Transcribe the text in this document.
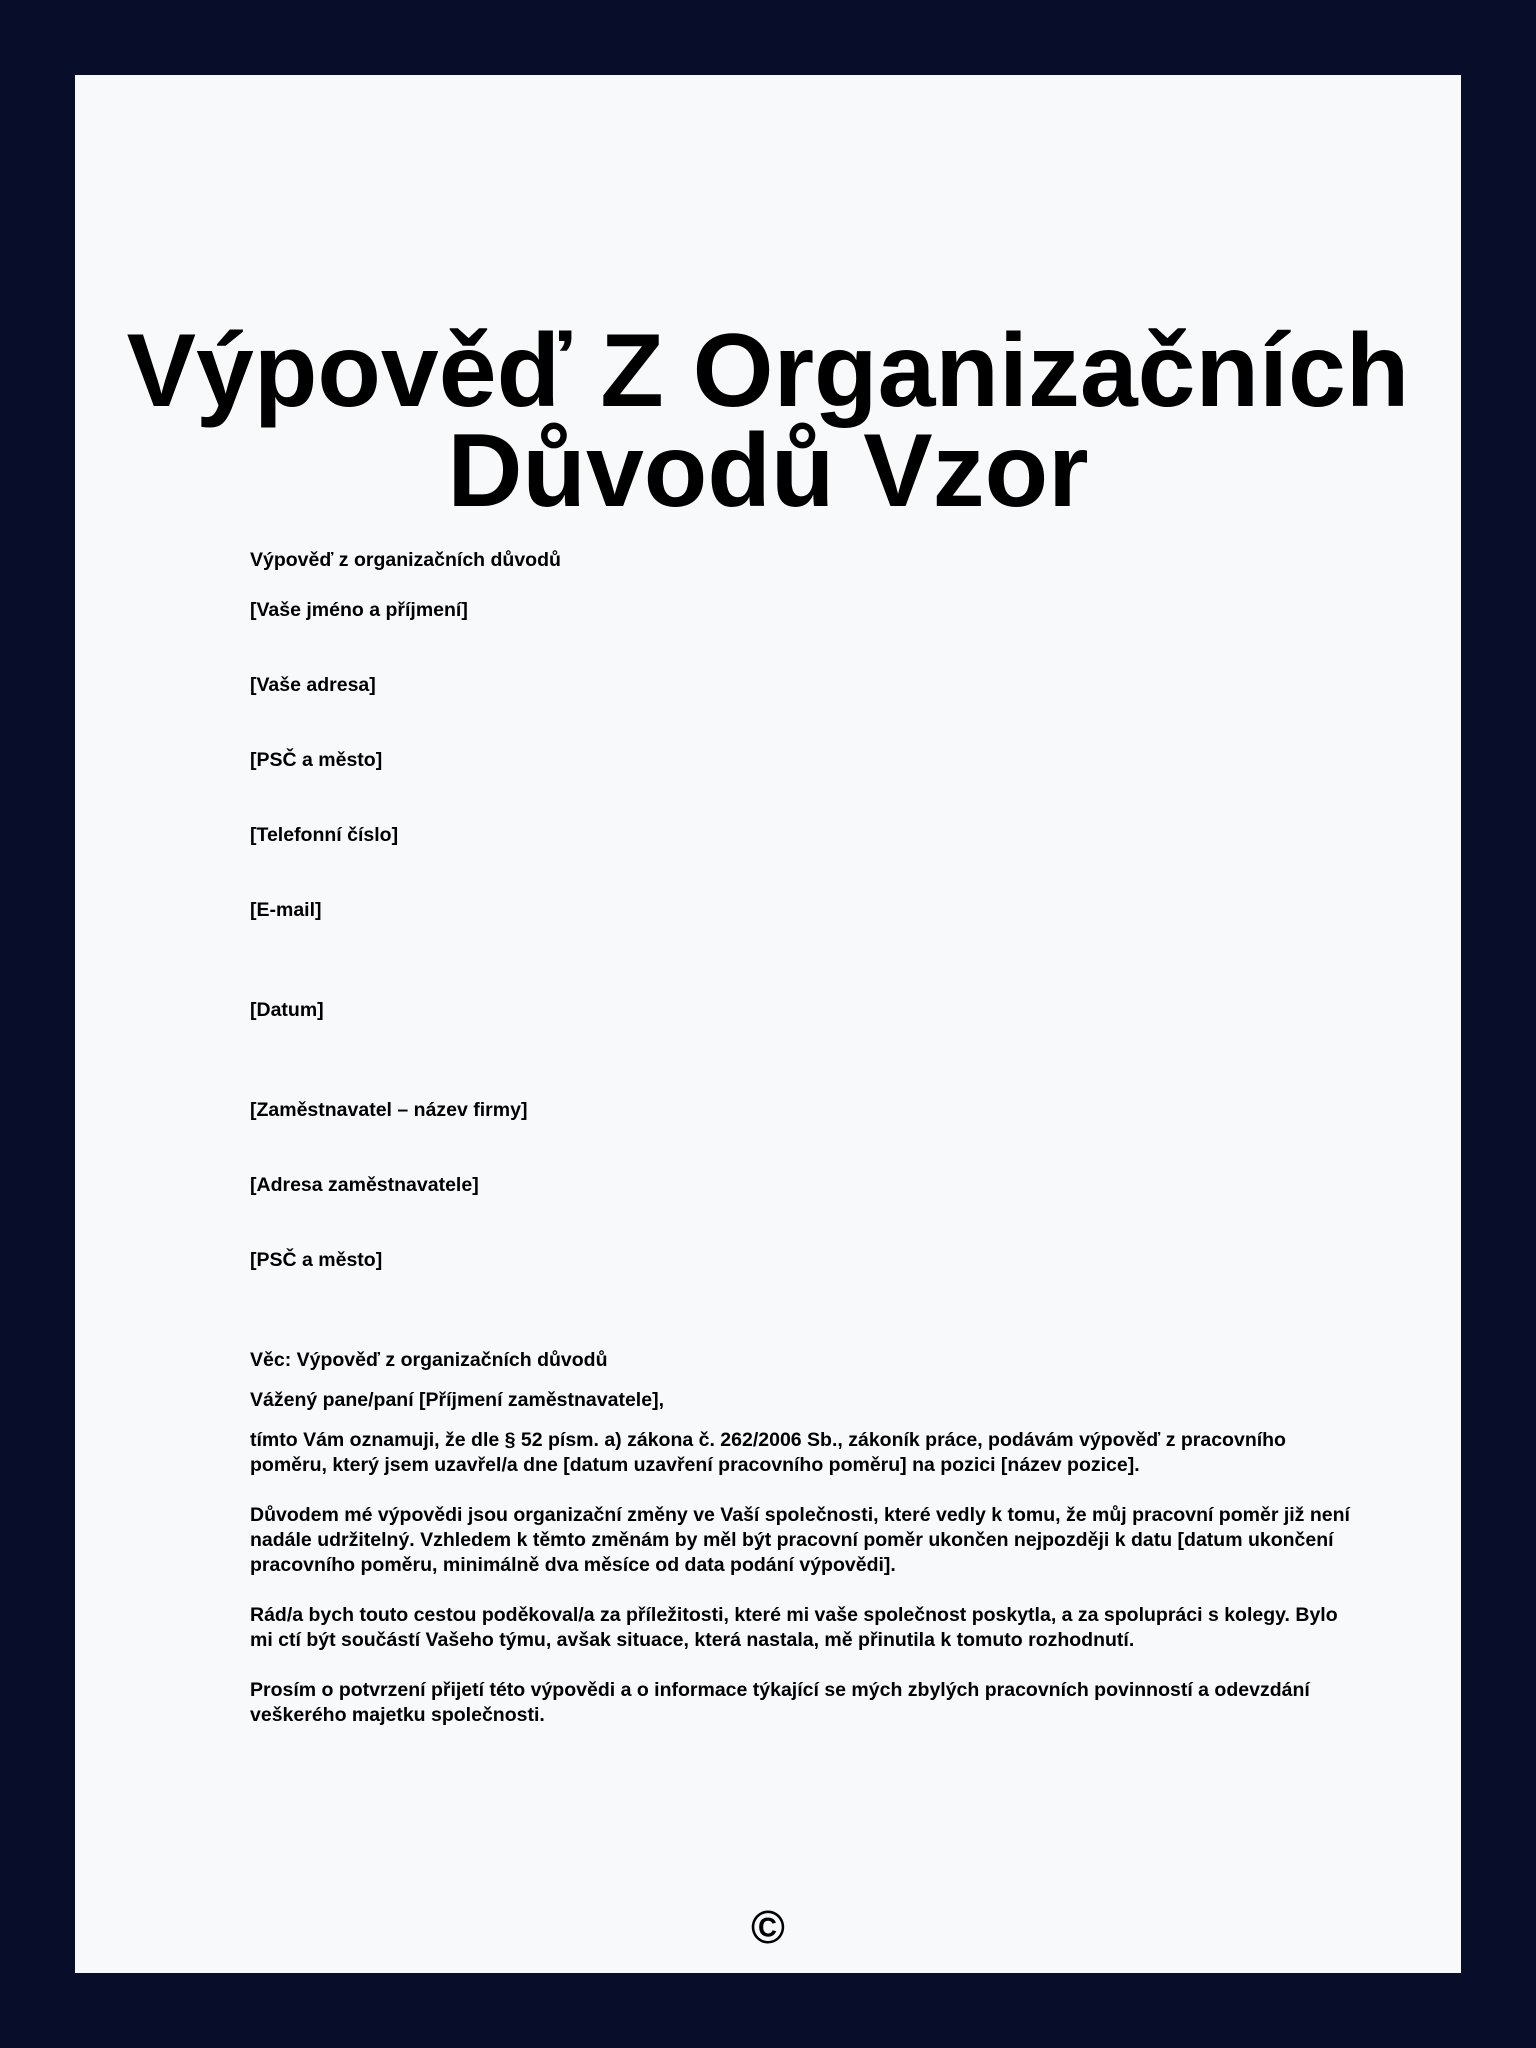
Výpověď Z Organizačních
Důvodů Vzor

Výpověď z organizačních důvodů

[Vaše jméno a příjmení]

[Vaše adresa]

[PSČ a město]

[Telefonní číslo]

[E-mail]

[Datum]

[Zaměstnavatel – název firmy]

[Adresa zaměstnavatele]

[PSČ a město]

Věc: Výpověď z organizačních důvodů

Vážený pane/paní [Příjmení zaměstnavatele],

tímto Vám oznamuji, že dle § 52 písm. a) zákona č. 262/2006 Sb., zákoník práce, podávám výpověď z pracovního poměru, který jsem uzavřel/a dne [datum uzavření pracovního poměru] na pozici [název pozice].

Důvodem mé výpovědi jsou organizační změny ve Vaší společnosti, které vedly k tomu, že můj pracovní poměr již není nadále udržitelný. Vzhledem k těmto změnám by měl být pracovní poměr ukončen nejpozději k datu [datum ukončení pracovního poměru, minimálně dva měsíce od data podání výpovědi].

Rád/a bych touto cestou poděkoval/a za příležitosti, které mi vaše společnost poskytla, a za spolupráci s kolegy. Bylo mi ctí být součástí Vašeho týmu, avšak situace, která nastala, mě přinutila k tomuto rozhodnutí.

Prosím o potvrzení přijetí této výpovědi a o informace týkající se mých zbylých pracovních povinností a odevzdání veškerého majetku společnosti.

©
